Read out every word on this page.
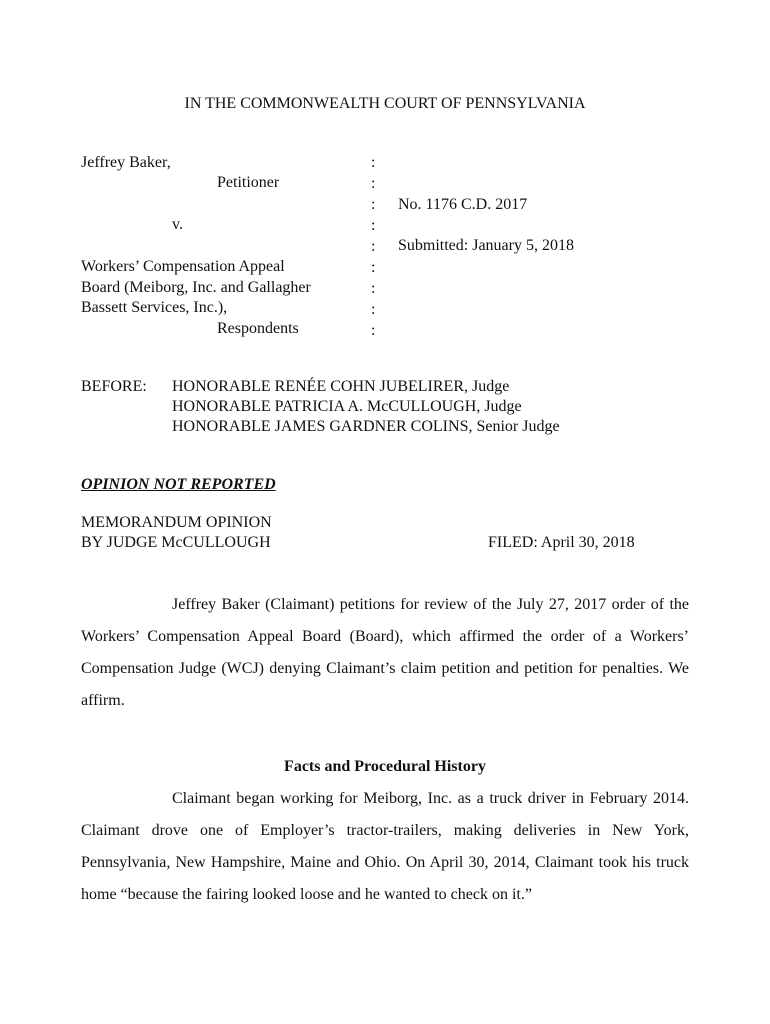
IN THE COMMONWEALTH COURT OF PENNSYLVANIA
Jeffrey Baker,
Petitioner
v.
Workers’ Compensation Appeal
Board (Meiborg, Inc. and Gallagher
Bassett Services, Inc.),
Respondents
:
:
:
:
:
:
:
:
:
No. 1176 C.D. 2017
Submitted: January 5, 2018
BEFORE: HONORABLE RENÉE COHN JUBELIRER, Judge
HONORABLE PATRICIA A. McCULLOUGH, Judge
HONORABLE JAMES GARDNER COLINS, Senior Judge
OPINION NOT REPORTED
MEMORANDUM OPINION
BY JUDGE McCULLOUGH	FILED: April 30, 2018
Jeffrey Baker (Claimant) petitions for review of the July 27, 2017 order of the Workers’ Compensation Appeal Board (Board), which affirmed the order of a Workers’ Compensation Judge (WCJ) denying Claimant’s claim petition and petition for penalties. We affirm.
Facts and Procedural History
Claimant began working for Meiborg, Inc. as a truck driver in February 2014. Claimant drove one of Employer’s tractor-trailers, making deliveries in New York, Pennsylvania, New Hampshire, Maine and Ohio. On April 30, 2014, Claimant took his truck home “because the fairing looked loose and he wanted to check on it.”
